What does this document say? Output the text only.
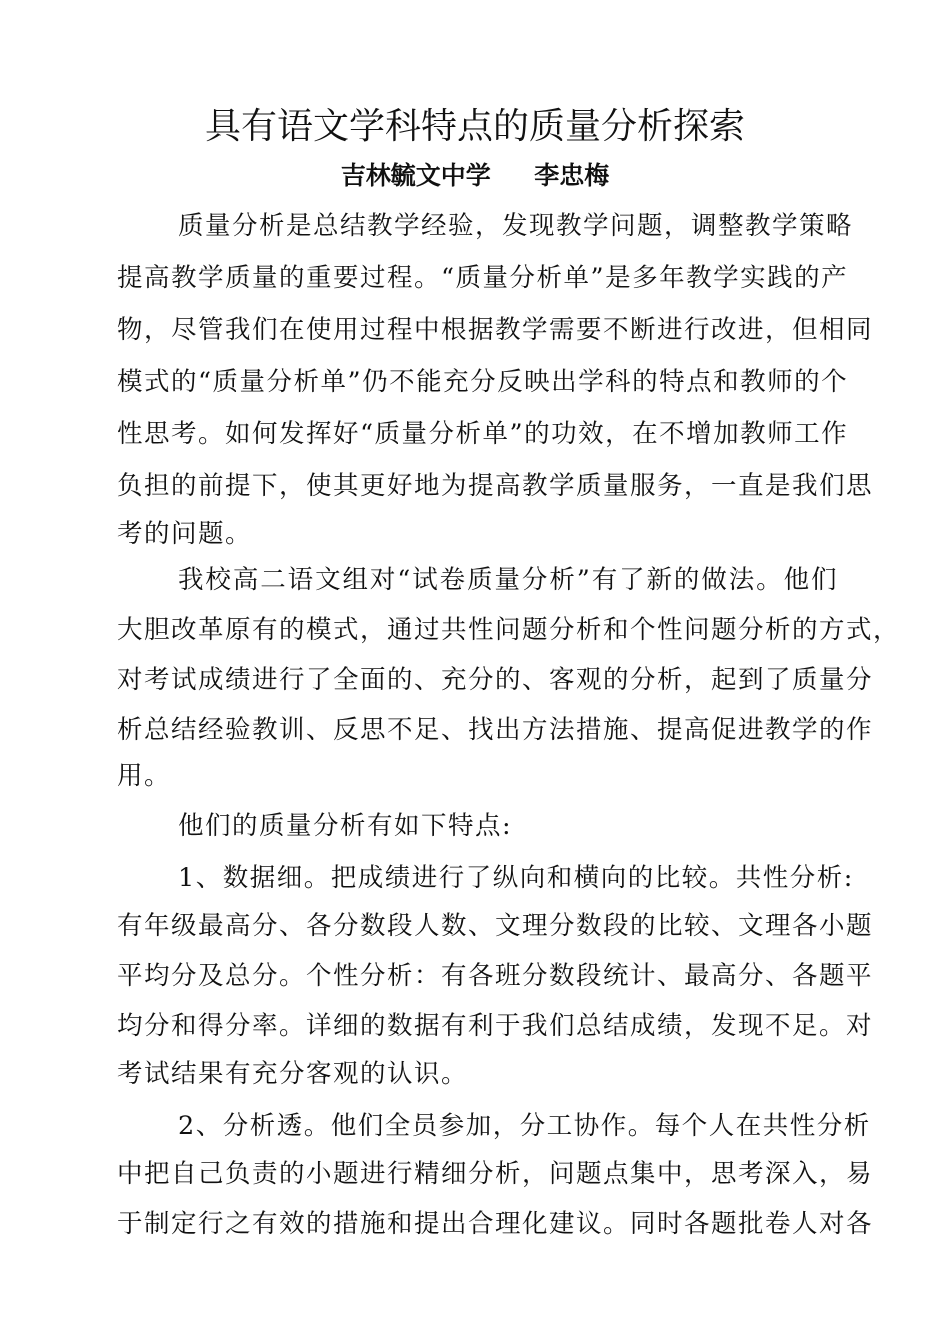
具有语文学科特点的质量分析探索
吉林毓文中学     李忠梅
质量分析是总结教学经验，发现教学问题，调整教学策略
提高教学质量的重要过程。“质量分析单”是多年教学实践的产
物，尽管我们在使用过程中根据教学需要不断进行改进，但相同
模式的“质量分析单”仍不能充分反映出学科的特点和教师的个
性思考。如何发挥好“质量分析单”的功效，在不增加教师工作
负担的前提下，使其更好地为提高教学质量服务，一直是我们思
考的问题。
我校高二语文组对“试卷质量分析”有了新的做法。他们
大胆改革原有的模式，通过共性问题分析和个性问题分析的方式，
对考试成绩进行了全面的、充分的、客观的分析，起到了质量分
析总结经验教训、反思不足、找出方法措施、提高促进教学的作
用。
他们的质量分析有如下特点:
1、数据细。把成绩进行了纵向和横向的比较。共性分析:
有年级最高分、各分数段人数、文理分数段的比较、文理各小题
平均分及总分。个性分析：有各班分数段统计、最高分、各题平
均分和得分率。详细的数据有利于我们总结成绩，发现不足。对
考试结果有充分客观的认识。
2、分析透。他们全员参加，分工协作。每个人在共性分析
中把自己负责的小题进行精细分析，问题点集中，思考深入，易
于制定行之有效的措施和提出合理化建议。同时各题批卷人对各
